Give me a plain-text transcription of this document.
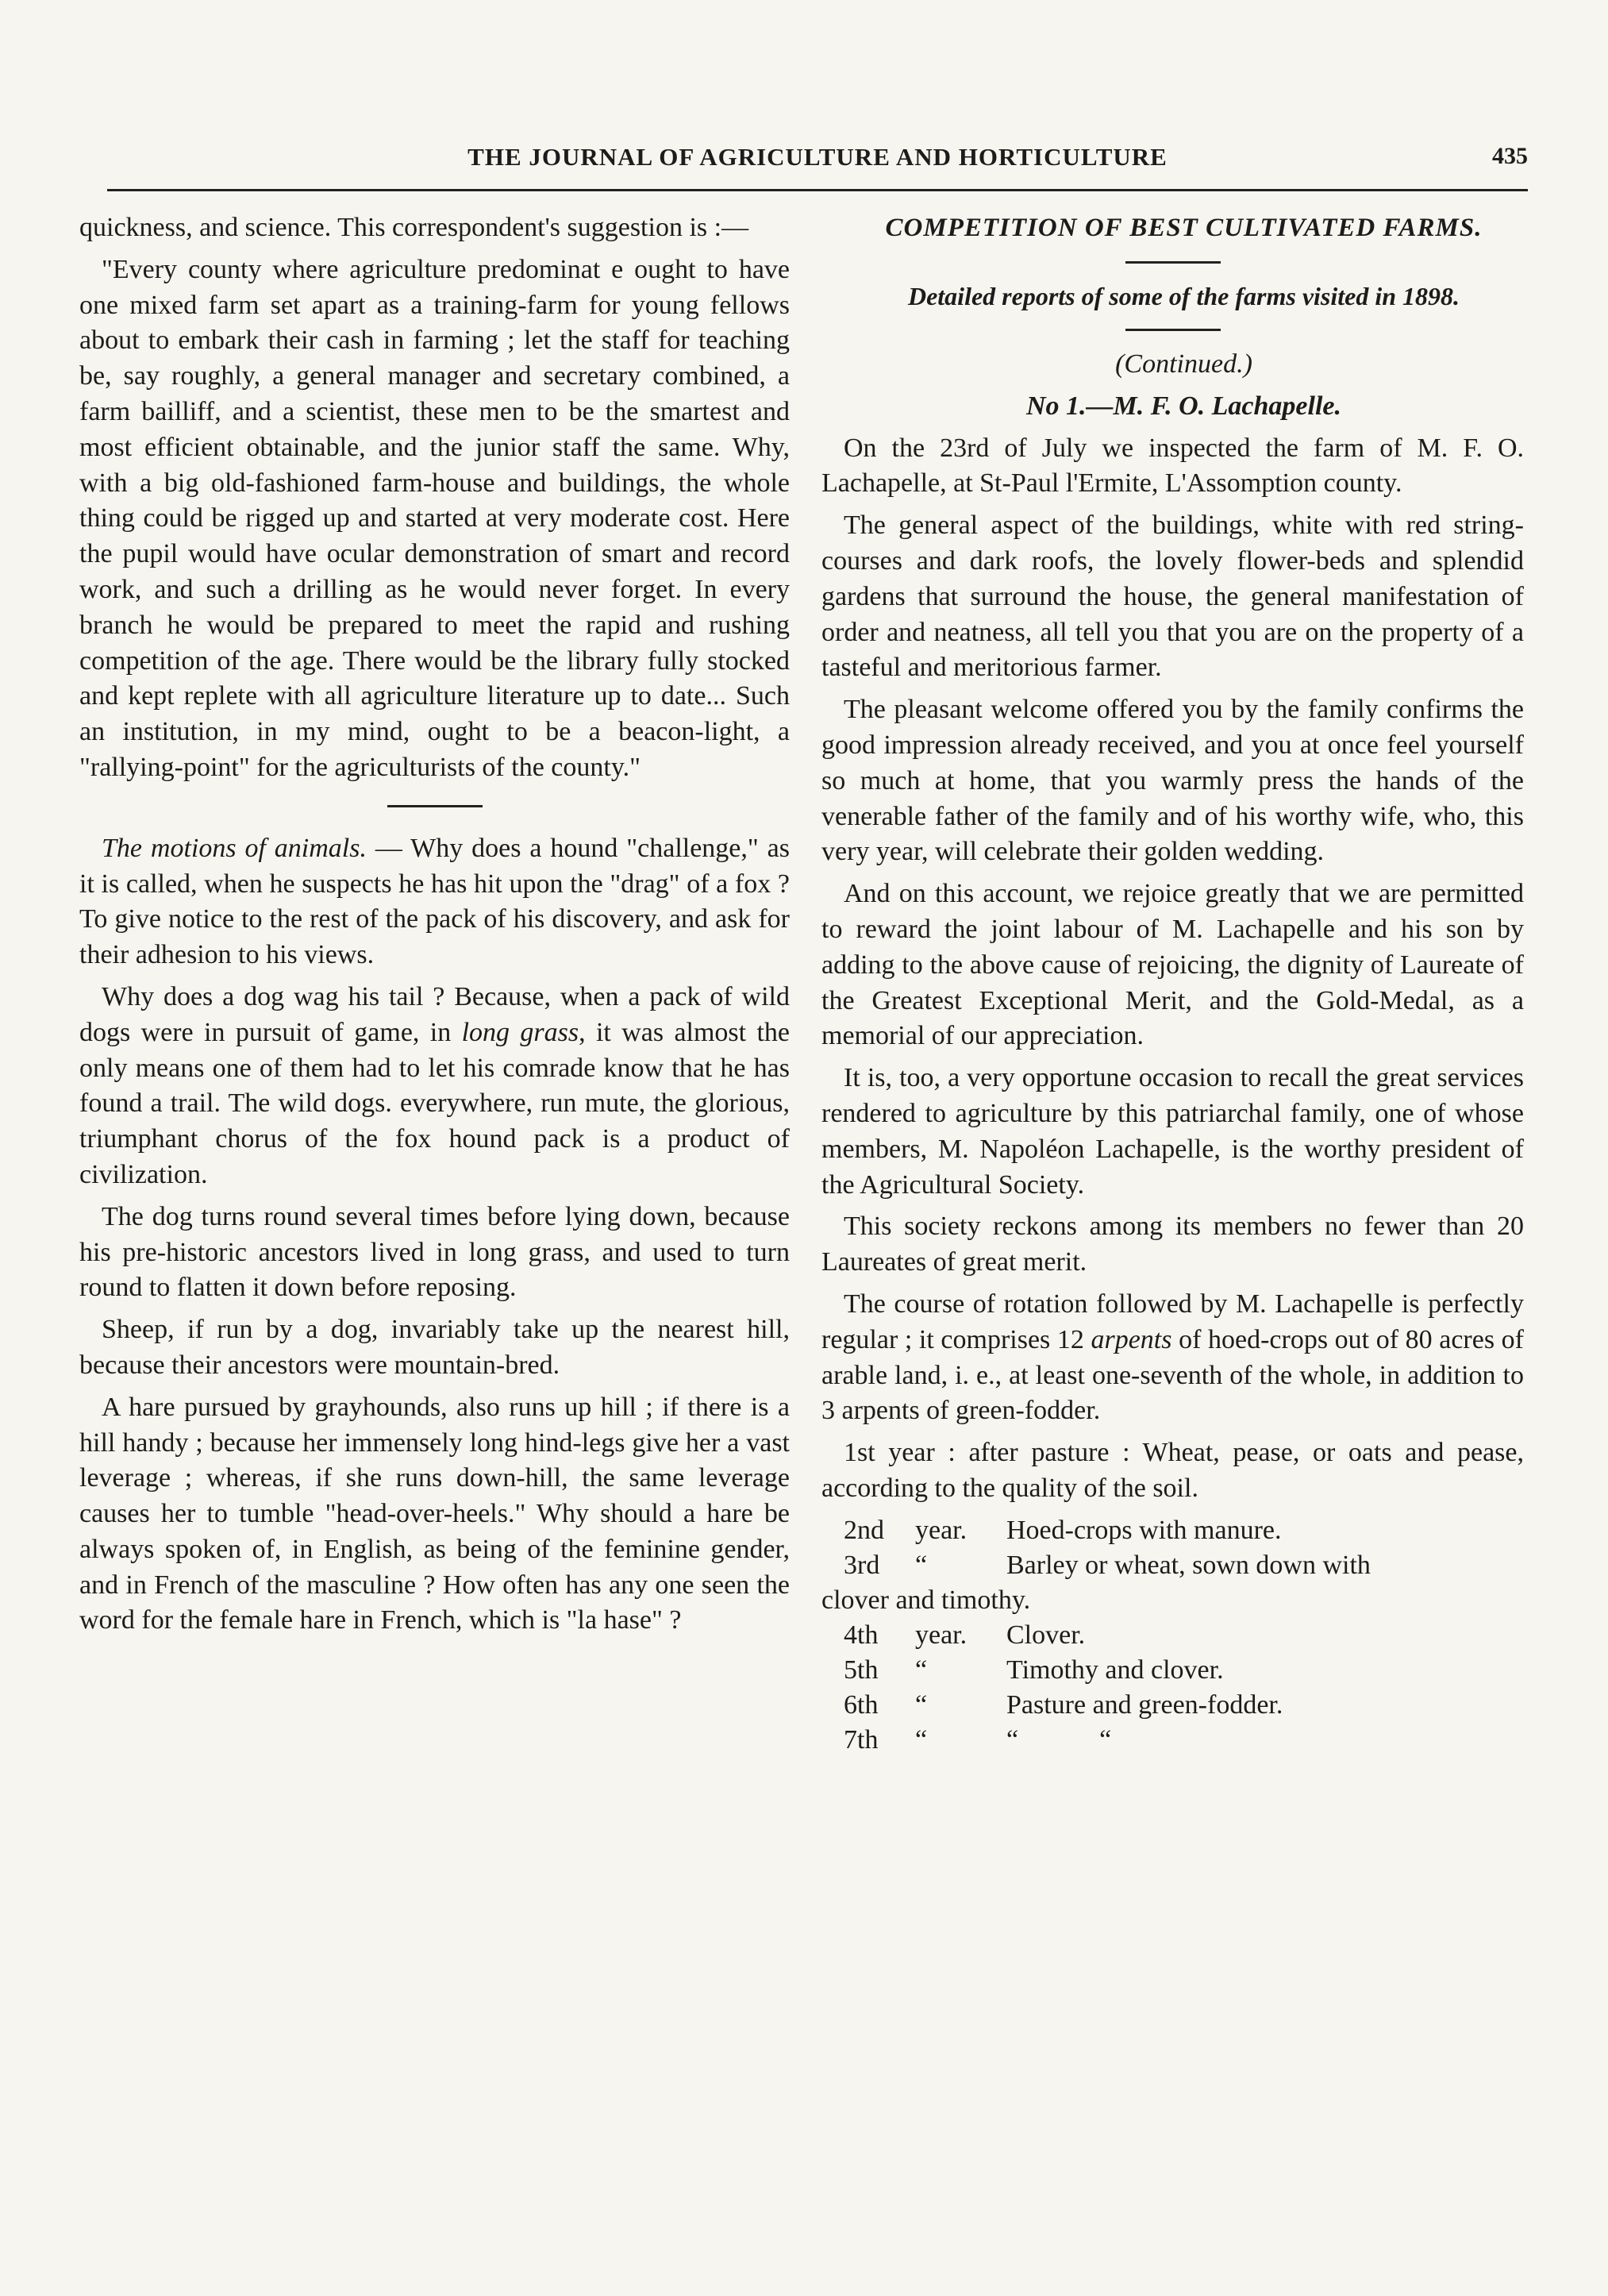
THE JOURNAL OF AGRICULTURE AND HORTICULTURE	435

quickness, and science. This correspondent's suggestion is :—

"Every county where agriculture predominat e ought to have one mixed farm set apart as a training-farm for young fellows about to embark their cash in farming ; let the staff for teaching be, say roughly, a general manager and secretary combined, a farm bailliff, and a scientist, these men to be the smartest and most efficient obtainable, and the junior staff the same. Why, with a big old-fashioned farm-house and buildings, the whole thing could be rigged up and started at very moderate cost. Here the pupil would have ocular demonstration of smart and record work, and such a drilling as he would never forget. In every branch he would be prepared to meet the rapid and rushing competition of the age. There would be the library fully stocked and kept replete with all agriculture literature up to date... Such an institution, in my mind, ought to be a beacon-light, a "rallying-point" for the agriculturists of the county."

The motions of animals. — Why does a hound "challenge," as it is called, when he suspects he has hit upon the "drag" of a fox ? To give notice to the rest of the pack of his discovery, and ask for their adhesion to his views.

Why does a dog wag his tail ? Because, when a pack of wild dogs were in pursuit of game, in long grass, it was almost the only means one of them had to let his comrade know that he has found a trail. The wild dogs. everywhere, run mute, the glorious, triumphant chorus of the fox hound pack is a product of civilization.

The dog turns round several times before lying down, because his pre-historic ancestors lived in long grass, and used to turn round to flatten it down before reposing.

Sheep, if run by a dog, invariably take up the nearest hill, because their ancestors were mountain-bred.

A hare pursued by grayhounds, also runs up hill ; if there is a hill handy ; because her immensely long hind-legs give her a vast leverage ; whereas, if she runs down-hill, the same leverage causes her to tumble "head-over-heels." Why should a hare be always spoken of, in English, as being of the feminine gender, and in French of the masculine ? How often has any one seen the word for the female hare in French, which is "la hase" ?

COMPETITION OF BEST CULTIVATED FARMS.

Detailed reports of some of the farms visited in 1898.

(Continued.)

No 1.—M. F. O. Lachapelle.

On the 23rd of July we inspected the farm of M. F. O. Lachapelle, at St-Paul l'Ermite, L'Assomption county.

The general aspect of the buildings, white with red string-courses and dark roofs, the lovely flower-beds and splendid gardens that surround the house, the general manifestation of order and neatness, all tell you that you are on the property of a tasteful and meritorious farmer.

The pleasant welcome offered you by the family confirms the good impression already received, and you at once feel yourself so much at home, that you warmly press the hands of the venerable father of the family and of his worthy wife, who, this very year, will celebrate their golden wedding.

And on this account, we rejoice greatly that we are permitted to reward the joint labour of M. Lachapelle and his son by adding to the above cause of rejoicing, the dignity of Laureate of the Greatest Exceptional Merit, and the Gold-Medal, as a memorial of our appreciation.

It is, too, a very opportune occasion to recall the great services rendered to agriculture by this patriarchal family, one of whose members, M. Napoléon Lachapelle, is the worthy president of the Agricultural Society.

This society reckons among its members no fewer than 20 Laureates of great merit.

The course of rotation followed by M. Lachapelle is perfectly regular ; it comprises 12 arpents of hoed-crops out of 80 acres of arable land, i. e., at least one-seventh of the whole, in addition to 3 arpents of green-fodder.

1st year : after pasture : Wheat, pease, or oats and pease, according to the quality of the soil.

2nd	year.	Hoed-crops with manure.
3rd	“	Barley or wheat, sown down with
clover and timothy.
4th	year.	Clover.
5th	“	Timothy and clover.
6th	“	Pasture and green-fodder.
7th	“	“            “
